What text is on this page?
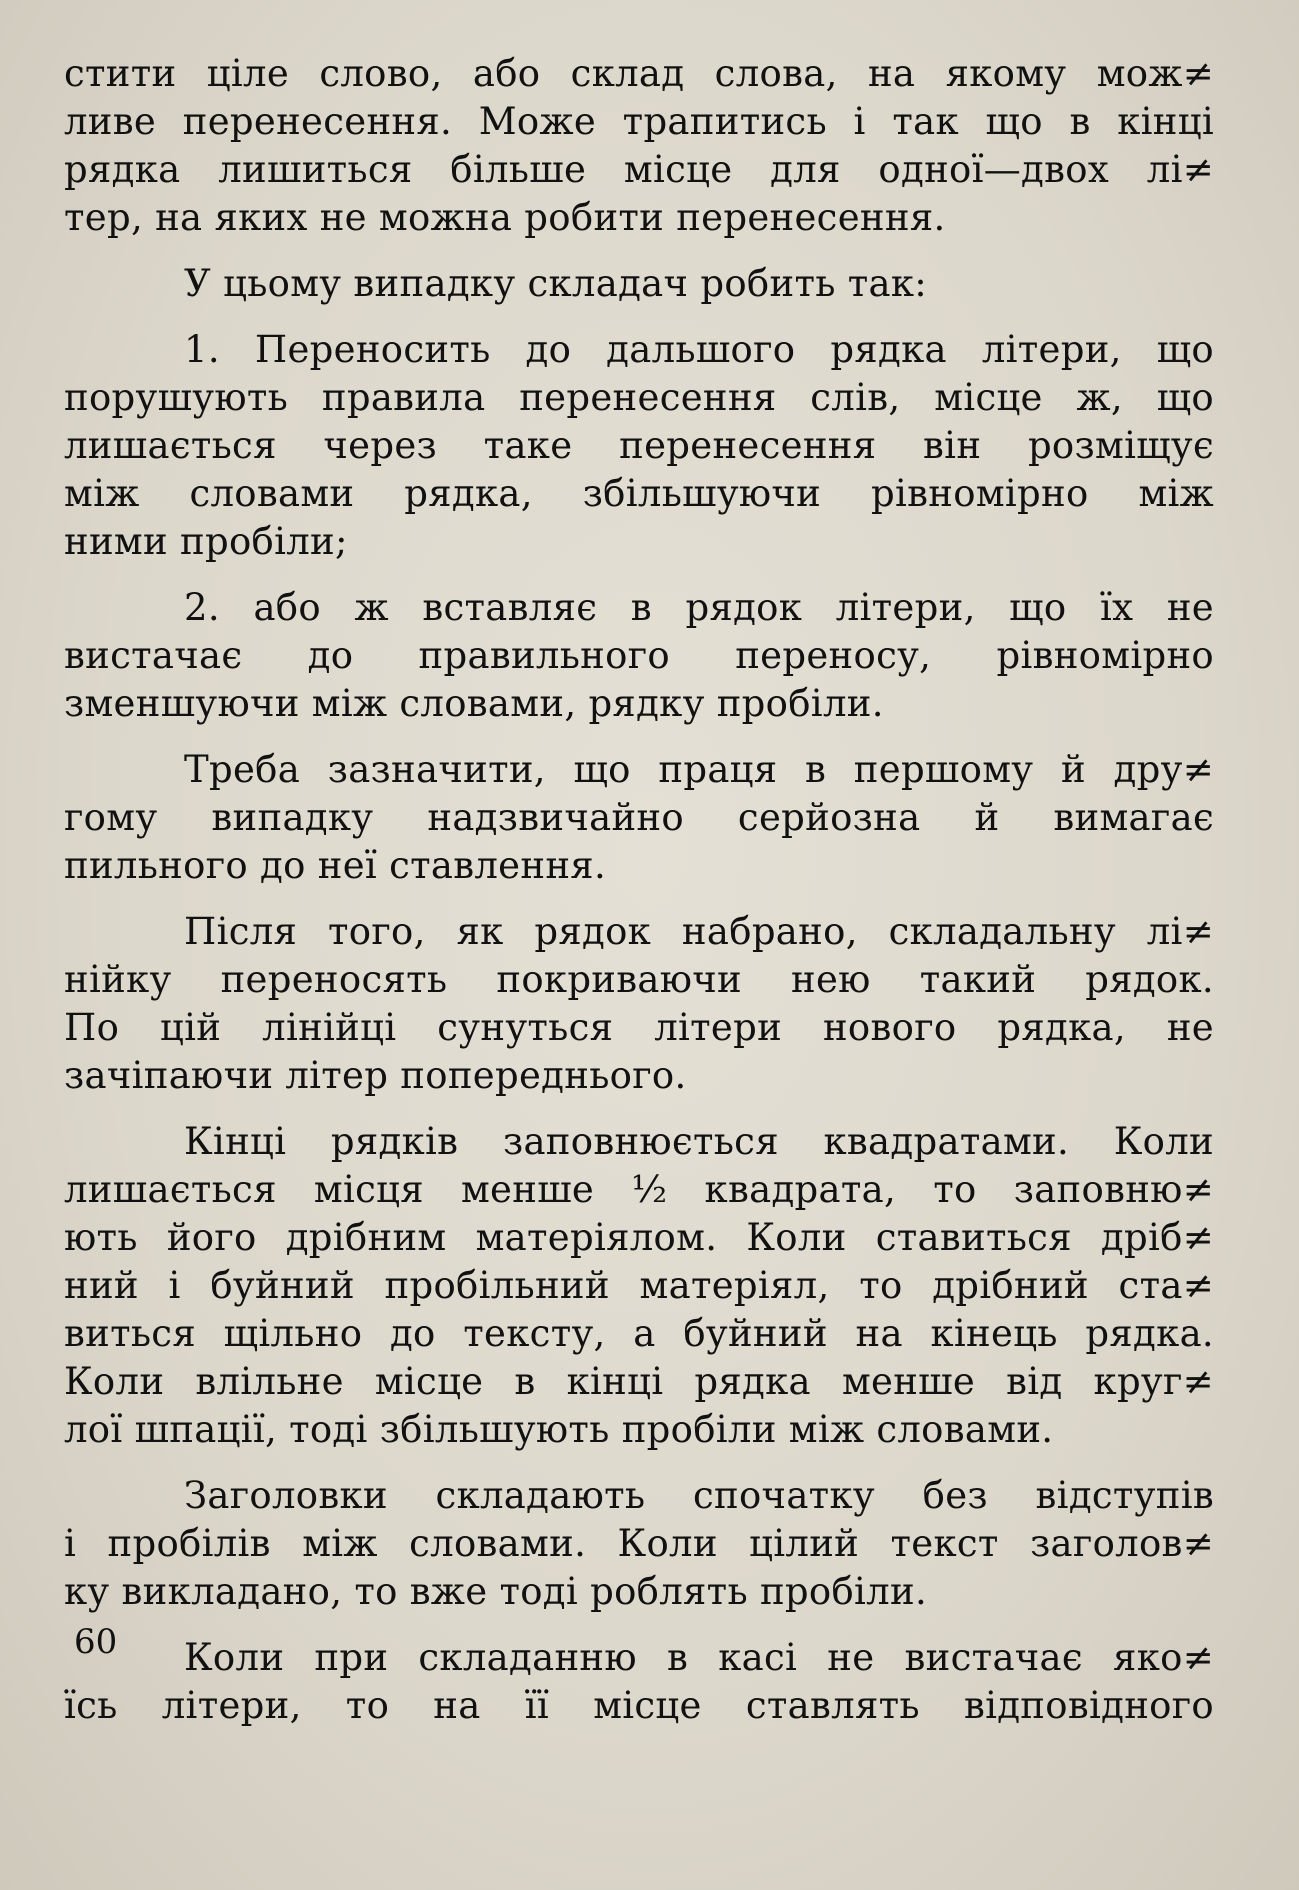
стити ціле слово, або склад слова, на якому мож≠
ливе перенесення. Може трапитись і так що в кінці
рядка лишиться більше місце для одної—двох лі≠
тер, на яких не можна робити перенесення.
У цьому випадку складач робить так:
1. Переносить до дальшого рядка літери, що
порушують правила перенесення слів, місце ж, що
лишається через таке перенесення він розміщує
між словами рядка, збільшуючи рівномірно між
ними пробіли;
2. або ж вставляє в рядок літери, що їх не
вистачає до правильного переносу, рівномірно
зменшуючи між словами, рядку пробіли.
Треба зазначити, що праця в першому й дру≠
гому випадку надзвичайно серйозна й вимагає
пильного до неї ставлення.
Після того, як рядок набрано, складальну лі≠
нійку переносять покриваючи нею такий рядок.
По цій лінійці сунуться літери нового рядка, не
зачіпаючи літер попереднього.
Кінці рядків заповнюється квадратами. Коли
лишається місця менше ½ квадрата, то заповню≠
ють його дрібним матеріялом. Коли ставиться дріб≠
ний і буйний пробільний матеріял, то дрібний ста≠
виться щільно до тексту, а буйний на кінець рядка.
Коли влільне місце в кінці рядка менше від круг≠
лої шпації, тоді збільшують пробіли між словами.
Заголовки складають спочатку без відступів
і пробілів між словами. Коли цілий текст заголов≠
ку викладано, то вже тоді роблять пробіли.
Коли при складанню в касі не вистачає яко≠
їсь літери, то на її місце ставлять відповідного
60
